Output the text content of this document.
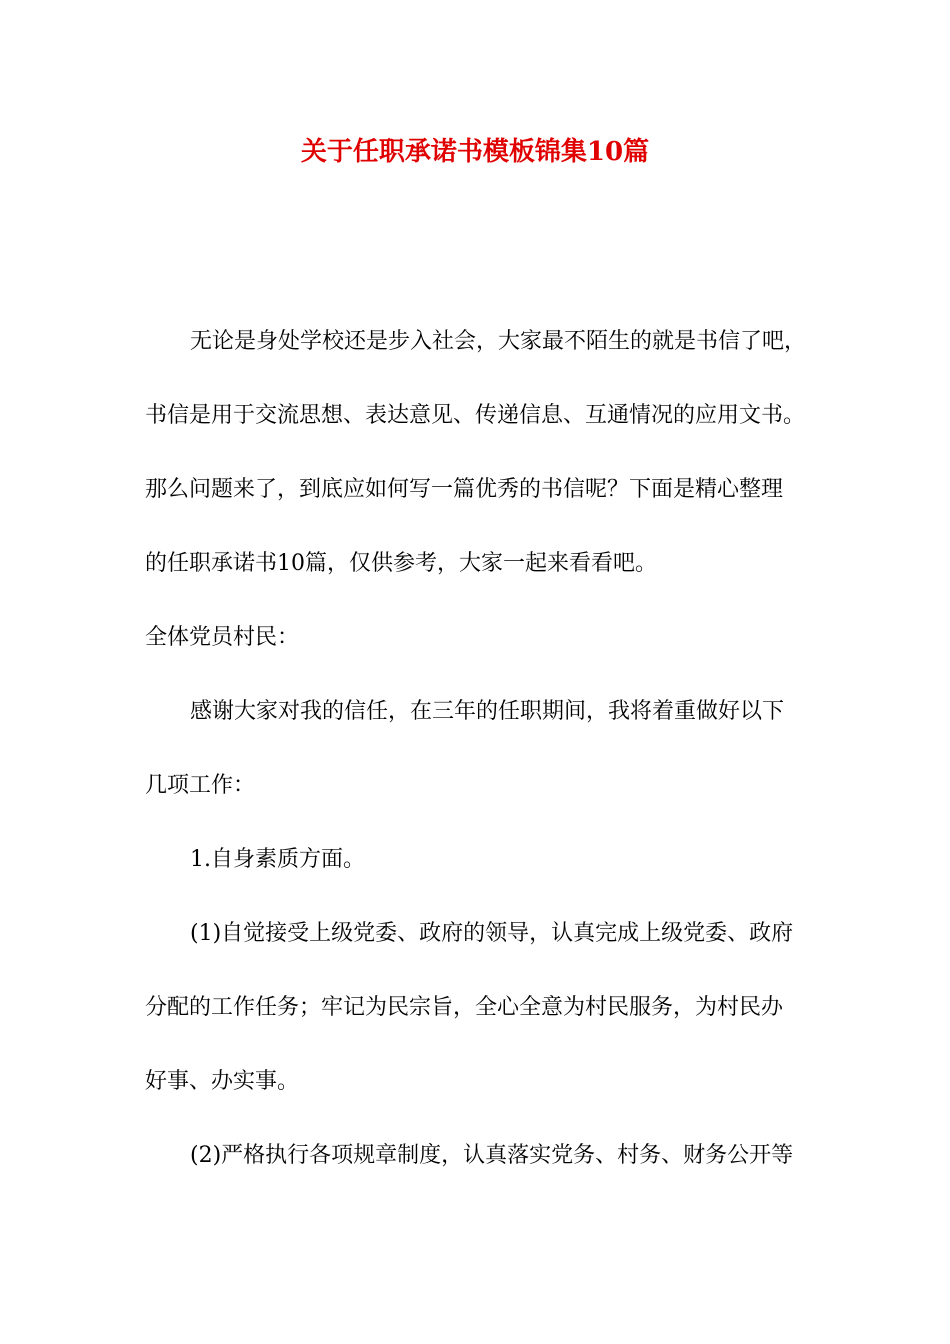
关于任职承诺书模板锦集10篇
无论是身处学校还是步入社会，大家最不陌生的就是书信了吧，
书信是用于交流思想、表达意见、传递信息、互通情况的应用文书。
那么问题来了，到底应如何写一篇优秀的书信呢？下面是精心整理
的任职承诺书10篇，仅供参考，大家一起来看看吧。
全体党员村民：
感谢大家对我的信任，在三年的任职期间，我将着重做好以下
几项工作：
1.自身素质方面。
(1)自觉接受上级党委、政府的领导，认真完成上级党委、政府
分配的工作任务；牢记为民宗旨，全心全意为村民服务，为村民办
好事、办实事。
(2)严格执行各项规章制度，认真落实党务、村务、财务公开等
